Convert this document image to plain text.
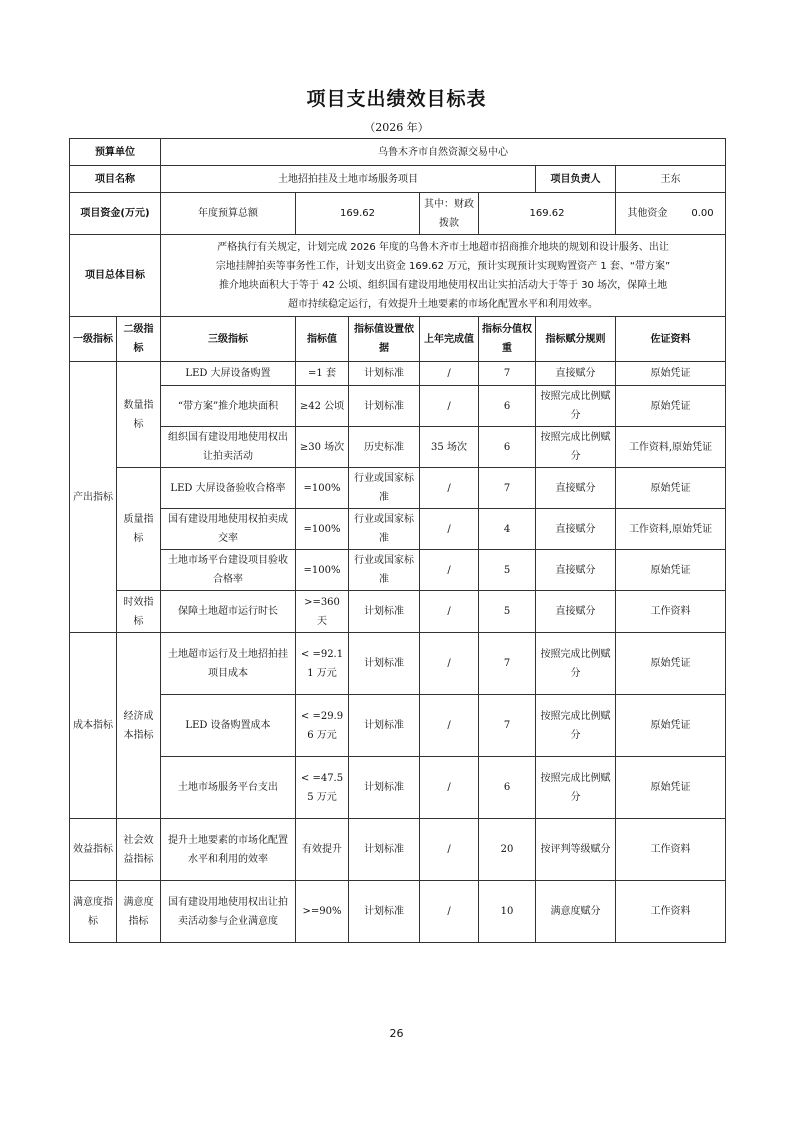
项目支出绩效目标表
（2026 年）
预算单位		乌鲁木齐市自然资源交易中心						
项目名称		土地招拍挂及土地市场服务项目					项目负责人	王东
项目资金(万元)		年度预算总额	169.62		其中：财政拨款	169.62		其他资金 0.00
项目总体目标		严格执行有关规定，计划完成 2026 年度的乌鲁木齐市土地超市招商推介地块的规划和设计服务、出让
宗地挂牌拍卖等事务性工作，计划支出资金 169.62 万元，预计实现预计实现购置资产 1 套、“带方案”
推介地块面积大于等于 42 公顷、组织国有建设用地使用权出让实拍活动大于等于 30 场次，保障土地
超市持续稳定运行，有效提升土地要素的市场化配置水平和利用效率。						

一级指标	二级指标	三级指标	指标值	指标值设置依据	上年完成值	指标分值权重	指标赋分规则	佐证资料
产出指标	数量指标	LED 大屏设备购置	=1 套	计划标准	/	7	直接赋分	原始凭证
		“带方案”推介地块面积	≥42 公顷	计划标准	/	6	按照完成比例赋分	原始凭证
		组织国有建设用地使用权出让拍卖活动	≥30 场次	历史标准	35 场次	6	按照完成比例赋分	工作资料,原始凭证
	质量指标	LED 大屏设备验收合格率	=100%	行业或国家标准	/	7	直接赋分	原始凭证
		国有建设用地使用权拍卖成交率	=100%	行业或国家标准	/	4	直接赋分	工作资料,原始凭证
		土地市场平台建设项目验收合格率	=100%	行业或国家标准	/	5	直接赋分	原始凭证
	时效指标	保障土地超市运行时长	>=360 天	计划标准	/	5	直接赋分	工作资料
成本指标	经济成本指标	土地超市运行及土地招拍挂项目成本	< =92.11 万元	计划标准	/	7	按照完成比例赋分	原始凭证
		LED 设备购置成本	< =29.96 万元	计划标准	/	7	按照完成比例赋分	原始凭证
		土地市场服务平台支出	< =47.55 万元	计划标准	/	6	按照完成比例赋分	原始凭证
效益指标	社会效益指标	提升土地要素的市场化配置水平和利用的效率	有效提升	计划标准	/	20	按评判等级赋分	工作资料
满意度指标	满意度指标	国有建设用地使用权出让拍卖活动参与企业满意度	>=90%	计划标准	/	10	满意度赋分	工作资料
26
